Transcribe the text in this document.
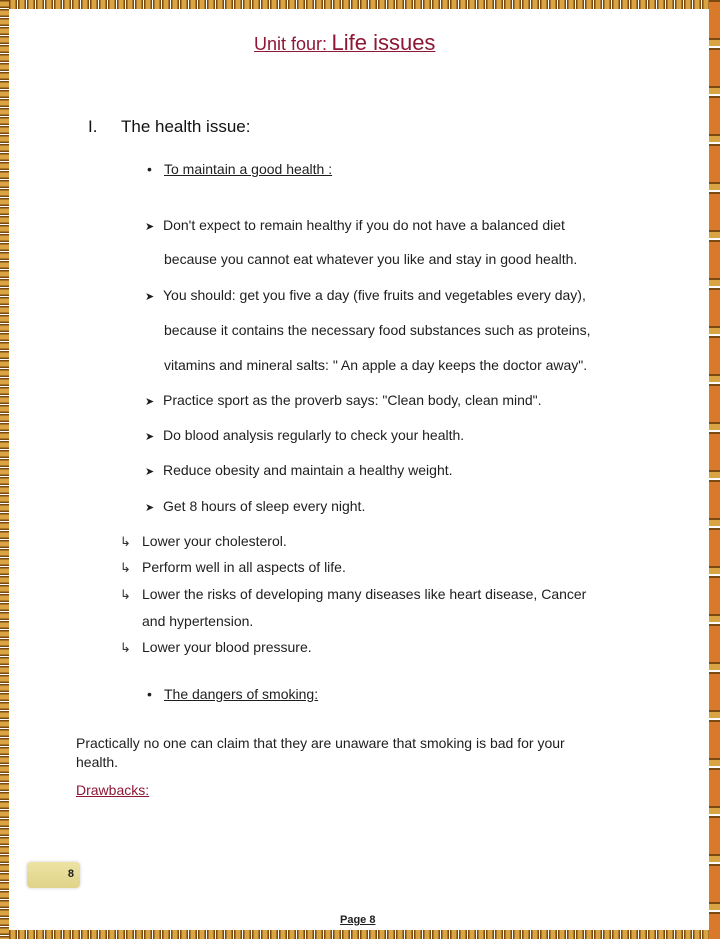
Unit four: Life issues
I. The health issue:
• To maintain a good health :
➤ Don't expect to remain healthy if you do not have a balanced diet
because you cannot eat whatever you like and stay in good health.
➤ You should: get you five a day (five fruits and vegetables every day),
because it contains the necessary food substances such as proteins,
vitamins and mineral salts: " An apple a day keeps the doctor away".
➤ Practice sport as the proverb says: "Clean body, clean mind".
➤ Do blood analysis regularly to check your health.
➤ Reduce obesity and maintain a healthy weight.
➤ Get 8 hours of sleep every night.
↳ Lower your cholesterol.
↳ Perform well in all aspects of life.
↳ Lower the risks of developing many diseases like heart disease, Cancer
and hypertension.
↳ Lower your blood pressure.
• The dangers of smoking:
Practically no one can claim that they are unaware that smoking is bad for your
health.
Drawbacks:
8
Page 8
